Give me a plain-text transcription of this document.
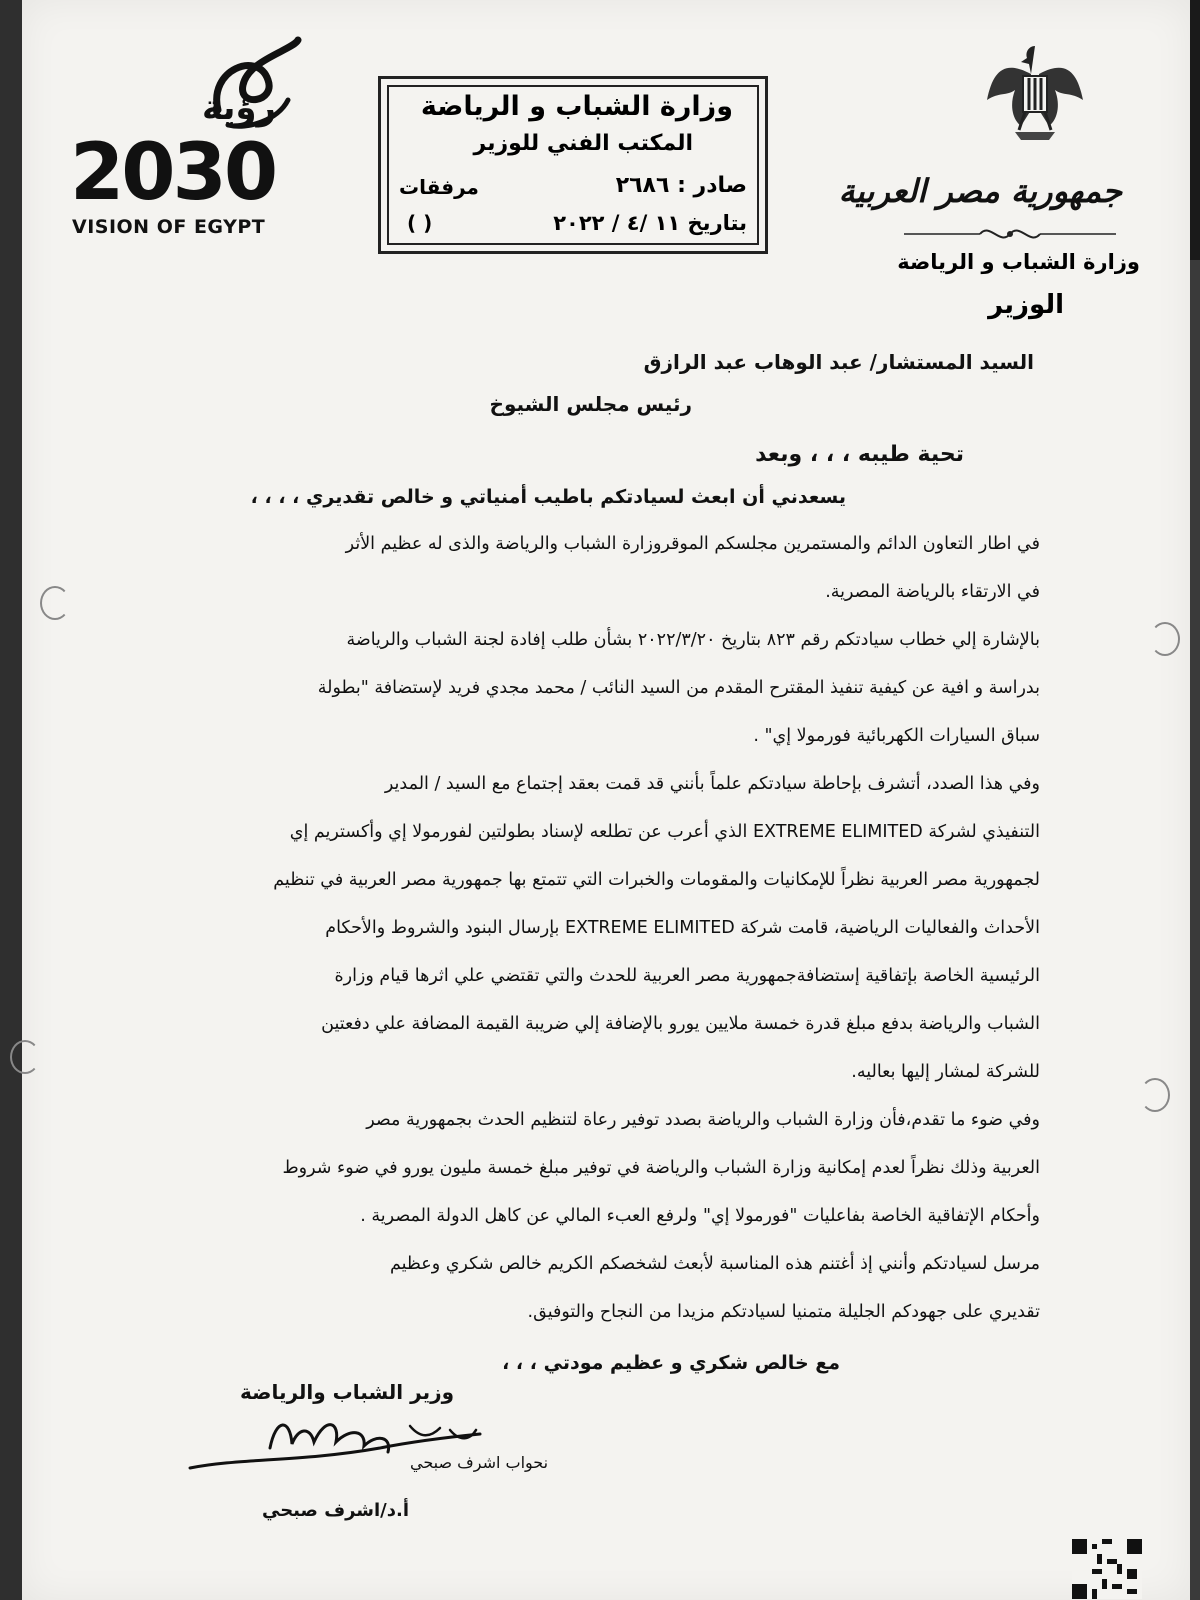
رؤية
2030
VISION OF EGYPT
وزارة الشباب و الرياضة
المكتب الفني للوزير
صادر : ٢٦٨٦
مرفقات
بتاريخ ١١ /٤ / ٢٠٢٢
( )
جمهورية مصر العربية
وزارة الشباب و الرياضة
الوزير
السيد المستشار/ عبد الوهاب عبد الرازق
رئيس مجلس الشيوخ
تحية طيبه ، ، ، وبعد
يسعدني أن ابعث لسيادتكم باطيب أمنياتي و خالص تقديري ، ، ، ،
في اطار التعاون الدائم والمستمرين مجلسكم الموقروزارة الشباب والرياضة والذى له عظيم الأثر
في الارتقاء بالرياضة المصرية.
بالإشارة إلي خطاب سيادتكم رقم ٨٢٣ بتاريخ ٢٠٢٢/٣/٢٠ بشأن طلب إفادة لجنة الشباب والرياضة
بدراسة و افية عن كيفية تنفيذ المقترح المقدم من السيد النائب / محمد مجدي فريد لإستضافة "بطولة
سباق السيارات الكهربائية فورمولا إي" .
وفي هذا الصدد، أتشرف بإحاطة سيادتكم علماً بأنني قد قمت بعقد إجتماع مع السيد / المدير
التنفيذي لشركة EXTREME ELIMITED الذي أعرب عن تطلعه لإسناد بطولتين لفورمولا إي وأكستريم إي
لجمهورية مصر العربية نظراً للإمكانيات والمقومات والخبرات التي تتمتع بها جمهورية مصر العربية في تنظيم
الأحداث والفعاليات الرياضية، قامت شركة EXTREME ELIMITED بإرسال البنود والشروط والأحكام
الرئيسية الخاصة بإتفاقية إستضافةجمهورية مصر العربية للحدث والتي تقتضي علي اثرها قيام وزارة
الشباب والرياضة بدفع مبلغ قدرة خمسة ملايين يورو بالإضافة إلي ضريبة القيمة المضافة علي دفعتين
للشركة لمشار إليها بعاليه.
وفي ضوء ما تقدم،فأن وزارة الشباب والرياضة بصدد توفير رعاة لتنظيم الحدث بجمهورية مصر
العربية وذلك نظراً لعدم إمكانية وزارة الشباب والرياضة في توفير مبلغ خمسة مليون يورو في ضوء شروط
وأحكام الإتفاقية الخاصة بفاعليات "فورمولا إي" ولرفع العبء المالي عن كاهل الدولة المصرية .
مرسل لسيادتكم وأنني إذ أغتنم هذه المناسبة لأبعث لشخصكم الكريم خالص شكري وعظيم
تقديري على جهودكم الجليلة متمنيا لسيادتكم مزيدا من النجاح والتوفيق.
مع خالص شكري و عظيم مودتي ، ، ،
وزير الشباب والرياضة
نحواب اشرف صبحي
أ.د/اشرف صبحي
